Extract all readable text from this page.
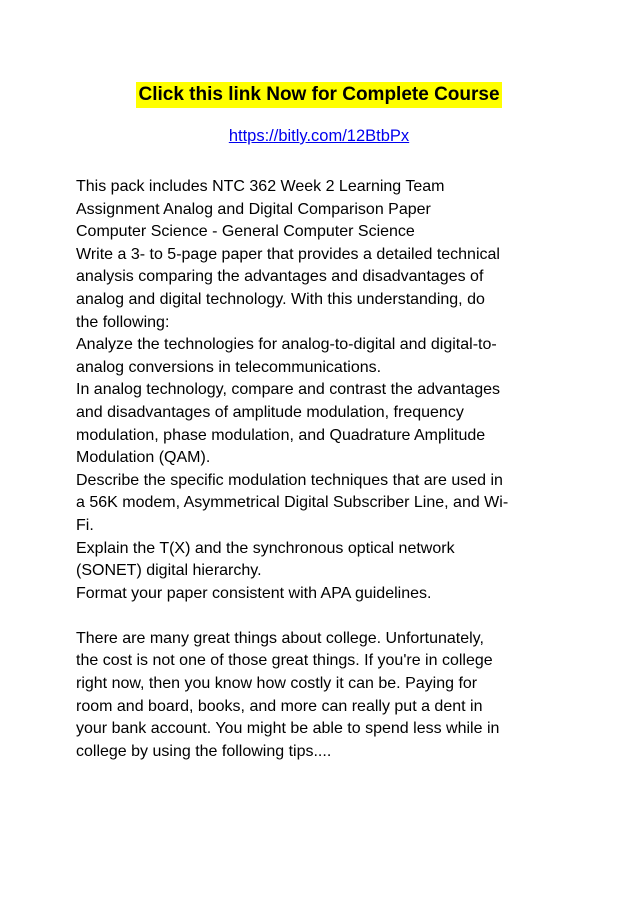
Click this link Now for Complete Course
https://bitly.com/12BtbPx
This pack includes NTC 362 Week 2 Learning Team
Assignment Analog and Digital Comparison Paper
Computer Science - General Computer Science
Write a 3- to 5-page paper that provides a detailed technical
analysis comparing the advantages and disadvantages of
analog and digital technology. With this understanding, do
the following:
Analyze the technologies for analog-to-digital and digital-to-
analog conversions in telecommunications.
In analog technology, compare and contrast the advantages
and disadvantages of amplitude modulation, frequency
modulation, phase modulation, and Quadrature Amplitude
Modulation (QAM).
Describe the specific modulation techniques that are used in
a 56K modem, Asymmetrical Digital Subscriber Line, and Wi-
Fi.
Explain the T(X) and the synchronous optical network
(SONET) digital hierarchy.
Format your paper consistent with APA guidelines.
There are many great things about college. Unfortunately,
the cost is not one of those great things. If you're in college
right now, then you know how costly it can be. Paying for
room and board, books, and more can really put a dent in
your bank account. You might be able to spend less while in
college by using the following tips....
